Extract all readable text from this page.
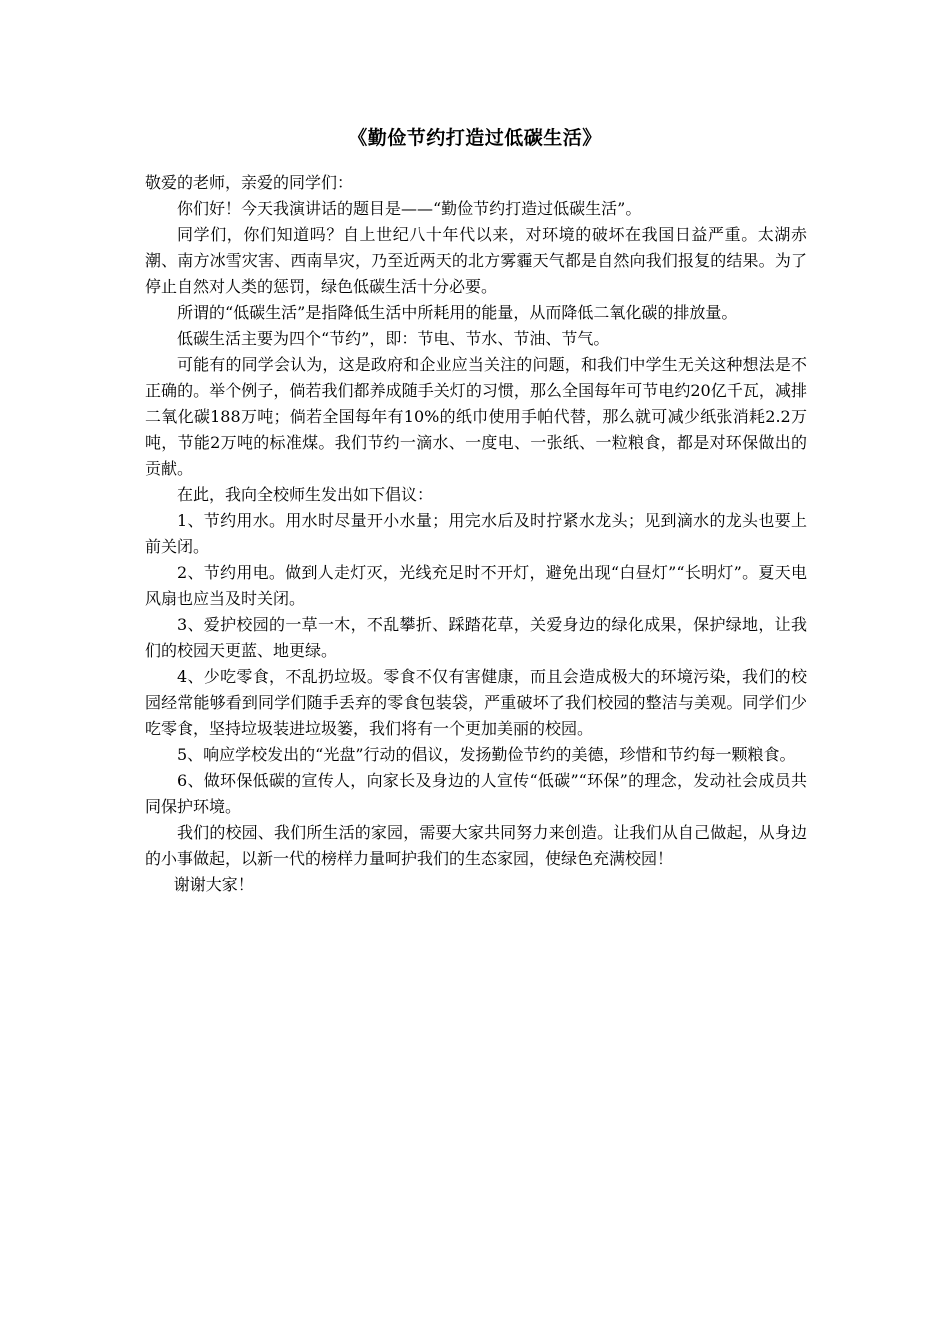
《勤俭节约打造过低碳生活》

敬爱的老师，亲爱的同学们：

你们好！今天我演讲话的题目是——“勤俭节约打造过低碳生活”。

同学们，你们知道吗？自上世纪八十年代以来，对环境的破坏在我国日益严重。太湖赤潮、南方冰雪灾害、西南旱灾，乃至近两天的北方雾霾天气都是自然向我们报复的结果。为了停止自然对人类的惩罚，绿色低碳生活十分必要。

所谓的“低碳生活”是指降低生活中所耗用的能量，从而降低二氧化碳的排放量。

低碳生活主要为四个“节约”，即：节电、节水、节油、节气。

可能有的同学会认为，这是政府和企业应当关注的问题，和我们中学生无关这种想法是不正确的。举个例子，倘若我们都养成随手关灯的习惯，那么全国每年可节电约20亿千瓦，减排二氧化碳188万吨；倘若全国每年有10%的纸巾使用手帕代替，那么就可减少纸张消耗2.2万吨，节能2万吨的标准煤。我们节约一滴水、一度电、一张纸、一粒粮食，都是对环保做出的贡献。

在此，我向全校师生发出如下倡议：

1、节约用水。用水时尽量开小水量；用完水后及时拧紧水龙头；见到滴水的龙头也要上前关闭。

2、节约用电。做到人走灯灭，光线充足时不开灯，避免出现“白昼灯”“长明灯”。夏天电风扇也应当及时关闭。

3、爱护校园的一草一木，不乱攀折、踩踏花草，关爱身边的绿化成果，保护绿地，让我们的校园天更蓝、地更绿。

4、少吃零食，不乱扔垃圾。零食不仅有害健康，而且会造成极大的环境污染，我们的校园经常能够看到同学们随手丢弃的零食包装袋，严重破坏了我们校园的整洁与美观。同学们少吃零食，坚持垃圾装进垃圾篓，我们将有一个更加美丽的校园。

5、响应学校发出的“光盘”行动的倡议，发扬勤俭节约的美德，珍惜和节约每一颗粮食。

6、做环保低碳的宣传人，向家长及身边的人宣传“低碳”“环保”的理念，发动社会成员共同保护环境。

我们的校园、我们所生活的家园，需要大家共同努力来创造。让我们从自己做起，从身边的小事做起，以新一代的榜样力量呵护我们的生态家园，使绿色充满校园！

谢谢大家！
